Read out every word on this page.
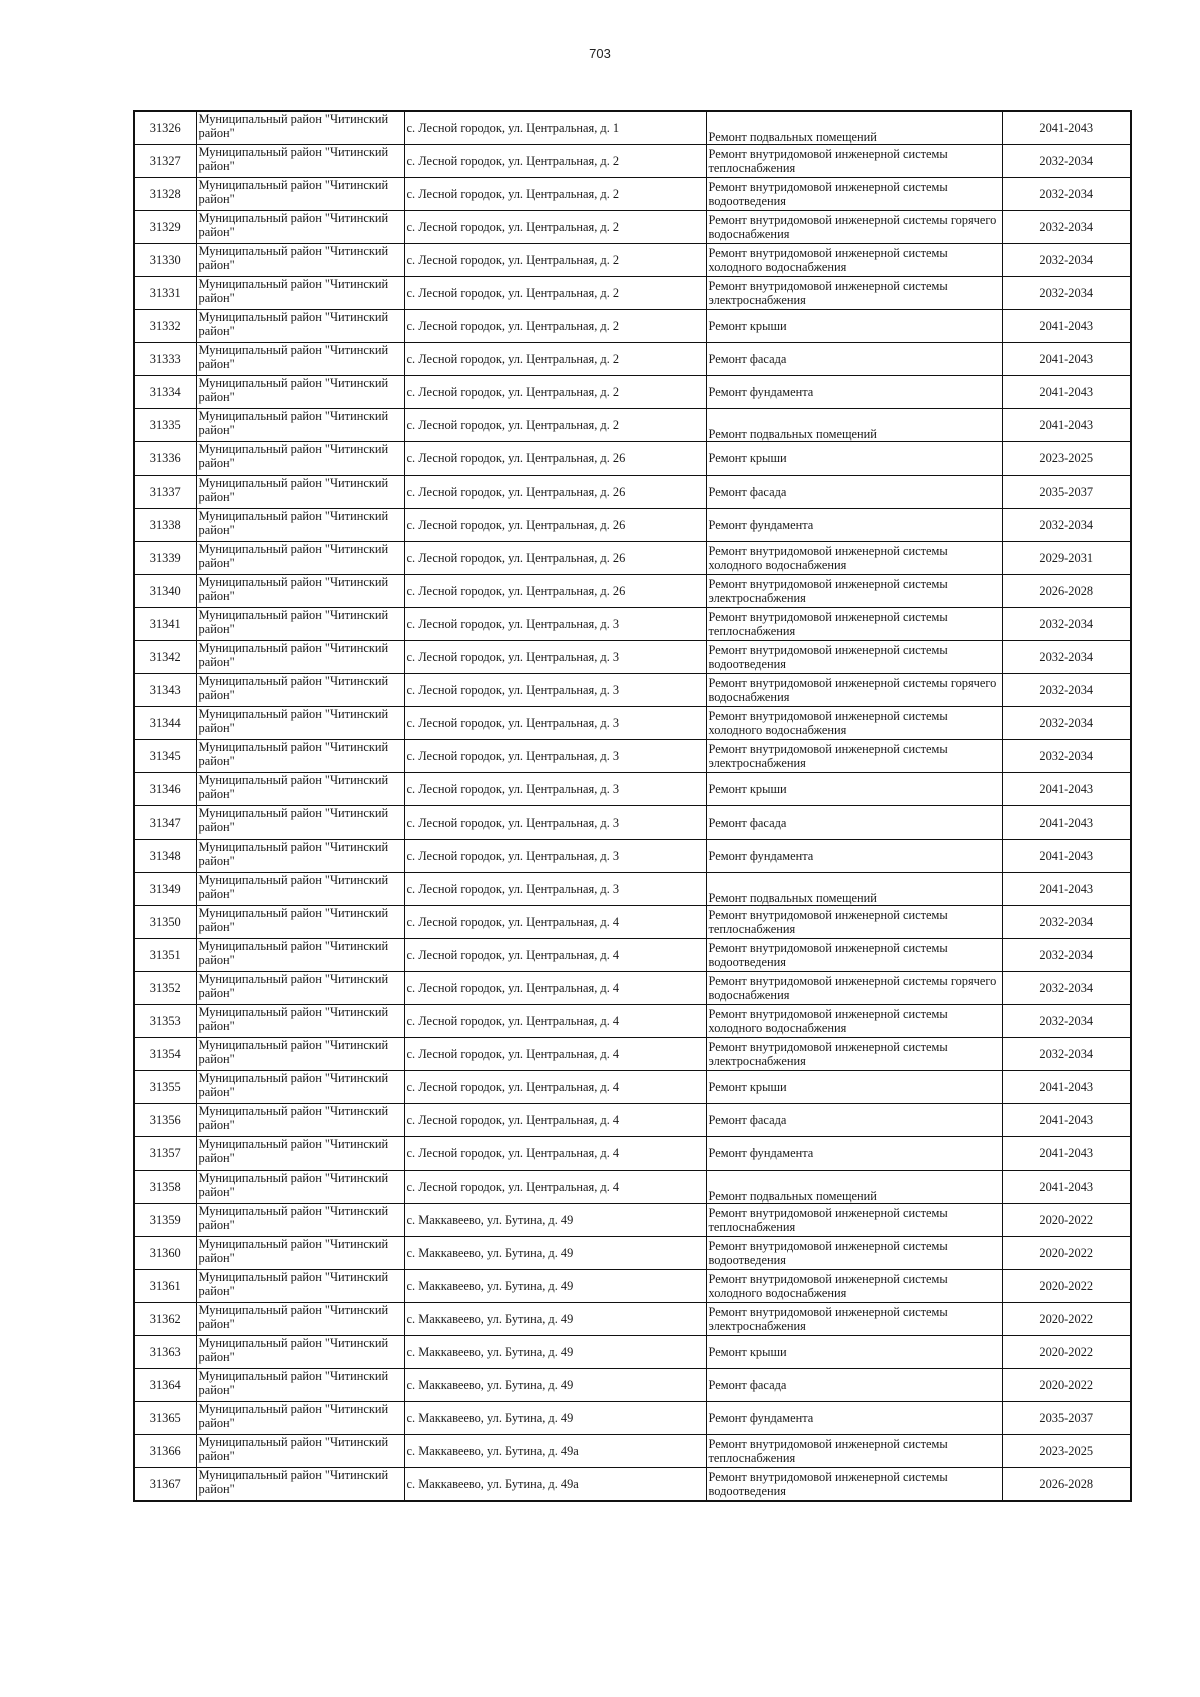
703
31326	Муниципальный район "Читинский район"	с. Лесной городок, ул. Центральная, д. 1	Ремонт подвальных помещений	2041-2043
31327	Муниципальный район "Читинский район"	с. Лесной городок, ул. Центральная, д. 2	Ремонт внутридомовой инженерной системы теплоснабжения	2032-2034
31328	Муниципальный район "Читинский район"	с. Лесной городок, ул. Центральная, д. 2	Ремонт внутридомовой инженерной системы водоотведения	2032-2034
31329	Муниципальный район "Читинский район"	с. Лесной городок, ул. Центральная, д. 2	Ремонт внутридомовой инженерной системы горячего водоснабжения	2032-2034
31330	Муниципальный район "Читинский район"	с. Лесной городок, ул. Центральная, д. 2	Ремонт внутридомовой инженерной системы холодного водоснабжения	2032-2034
31331	Муниципальный район "Читинский район"	с. Лесной городок, ул. Центральная, д. 2	Ремонт внутридомовой инженерной системы электроснабжения	2032-2034
31332	Муниципальный район "Читинский район"	с. Лесной городок, ул. Центральная, д. 2	Ремонт крыши	2041-2043
31333	Муниципальный район "Читинский район"	с. Лесной городок, ул. Центральная, д. 2	Ремонт фасада	2041-2043
31334	Муниципальный район "Читинский район"	с. Лесной городок, ул. Центральная, д. 2	Ремонт фундамента	2041-2043
31335	Муниципальный район "Читинский район"	с. Лесной городок, ул. Центральная, д. 2	Ремонт подвальных помещений	2041-2043
31336	Муниципальный район "Читинский район"	с. Лесной городок, ул. Центральная, д. 26	Ремонт крыши	2023-2025
31337	Муниципальный район "Читинский район"	с. Лесной городок, ул. Центральная, д. 26	Ремонт фасада	2035-2037
31338	Муниципальный район "Читинский район"	с. Лесной городок, ул. Центральная, д. 26	Ремонт фундамента	2032-2034
31339	Муниципальный район "Читинский район"	с. Лесной городок, ул. Центральная, д. 26	Ремонт внутридомовой инженерной системы холодного водоснабжения	2029-2031
31340	Муниципальный район "Читинский район"	с. Лесной городок, ул. Центральная, д. 26	Ремонт внутридомовой инженерной системы электроснабжения	2026-2028
31341	Муниципальный район "Читинский район"	с. Лесной городок, ул. Центральная, д. 3	Ремонт внутридомовой инженерной системы теплоснабжения	2032-2034
31342	Муниципальный район "Читинский район"	с. Лесной городок, ул. Центральная, д. 3	Ремонт внутридомовой инженерной системы водоотведения	2032-2034
31343	Муниципальный район "Читинский район"	с. Лесной городок, ул. Центральная, д. 3	Ремонт внутридомовой инженерной системы горячего водоснабжения	2032-2034
31344	Муниципальный район "Читинский район"	с. Лесной городок, ул. Центральная, д. 3	Ремонт внутридомовой инженерной системы холодного водоснабжения	2032-2034
31345	Муниципальный район "Читинский район"	с. Лесной городок, ул. Центральная, д. 3	Ремонт внутридомовой инженерной системы электроснабжения	2032-2034
31346	Муниципальный район "Читинский район"	с. Лесной городок, ул. Центральная, д. 3	Ремонт крыши	2041-2043
31347	Муниципальный район "Читинский район"	с. Лесной городок, ул. Центральная, д. 3	Ремонт фасада	2041-2043
31348	Муниципальный район "Читинский район"	с. Лесной городок, ул. Центральная, д. 3	Ремонт фундамента	2041-2043
31349	Муниципальный район "Читинский район"	с. Лесной городок, ул. Центральная, д. 3	Ремонт подвальных помещений	2041-2043
31350	Муниципальный район "Читинский район"	с. Лесной городок, ул. Центральная, д. 4	Ремонт внутридомовой инженерной системы теплоснабжения	2032-2034
31351	Муниципальный район "Читинский район"	с. Лесной городок, ул. Центральная, д. 4	Ремонт внутридомовой инженерной системы водоотведения	2032-2034
31352	Муниципальный район "Читинский район"	с. Лесной городок, ул. Центральная, д. 4	Ремонт внутридомовой инженерной системы горячего водоснабжения	2032-2034
31353	Муниципальный район "Читинский район"	с. Лесной городок, ул. Центральная, д. 4	Ремонт внутридомовой инженерной системы холодного водоснабжения	2032-2034
31354	Муниципальный район "Читинский район"	с. Лесной городок, ул. Центральная, д. 4	Ремонт внутридомовой инженерной системы электроснабжения	2032-2034
31355	Муниципальный район "Читинский район"	с. Лесной городок, ул. Центральная, д. 4	Ремонт крыши	2041-2043
31356	Муниципальный район "Читинский район"	с. Лесной городок, ул. Центральная, д. 4	Ремонт фасада	2041-2043
31357	Муниципальный район "Читинский район"	с. Лесной городок, ул. Центральная, д. 4	Ремонт фундамента	2041-2043
31358	Муниципальный район "Читинский район"	с. Лесной городок, ул. Центральная, д. 4	Ремонт подвальных помещений	2041-2043
31359	Муниципальный район "Читинский район"	с. Маккавеево, ул. Бутина, д. 49	Ремонт внутридомовой инженерной системы теплоснабжения	2020-2022
31360	Муниципальный район "Читинский район"	с. Маккавеево, ул. Бутина, д. 49	Ремонт внутридомовой инженерной системы водоотведения	2020-2022
31361	Муниципальный район "Читинский район"	с. Маккавеево, ул. Бутина, д. 49	Ремонт внутридомовой инженерной системы холодного водоснабжения	2020-2022
31362	Муниципальный район "Читинский район"	с. Маккавеево, ул. Бутина, д. 49	Ремонт внутридомовой инженерной системы электроснабжения	2020-2022
31363	Муниципальный район "Читинский район"	с. Маккавеево, ул. Бутина, д. 49	Ремонт крыши	2020-2022
31364	Муниципальный район "Читинский район"	с. Маккавеево, ул. Бутина, д. 49	Ремонт фасада	2020-2022
31365	Муниципальный район "Читинский район"	с. Маккавеево, ул. Бутина, д. 49	Ремонт фундамента	2035-2037
31366	Муниципальный район "Читинский район"	с. Маккавеево, ул. Бутина, д. 49а	Ремонт внутридомовой инженерной системы теплоснабжения	2023-2025
31367	Муниципальный район "Читинский район"	с. Маккавеево, ул. Бутина, д. 49а	Ремонт внутридомовой инженерной системы водоотведения	2026-2028
